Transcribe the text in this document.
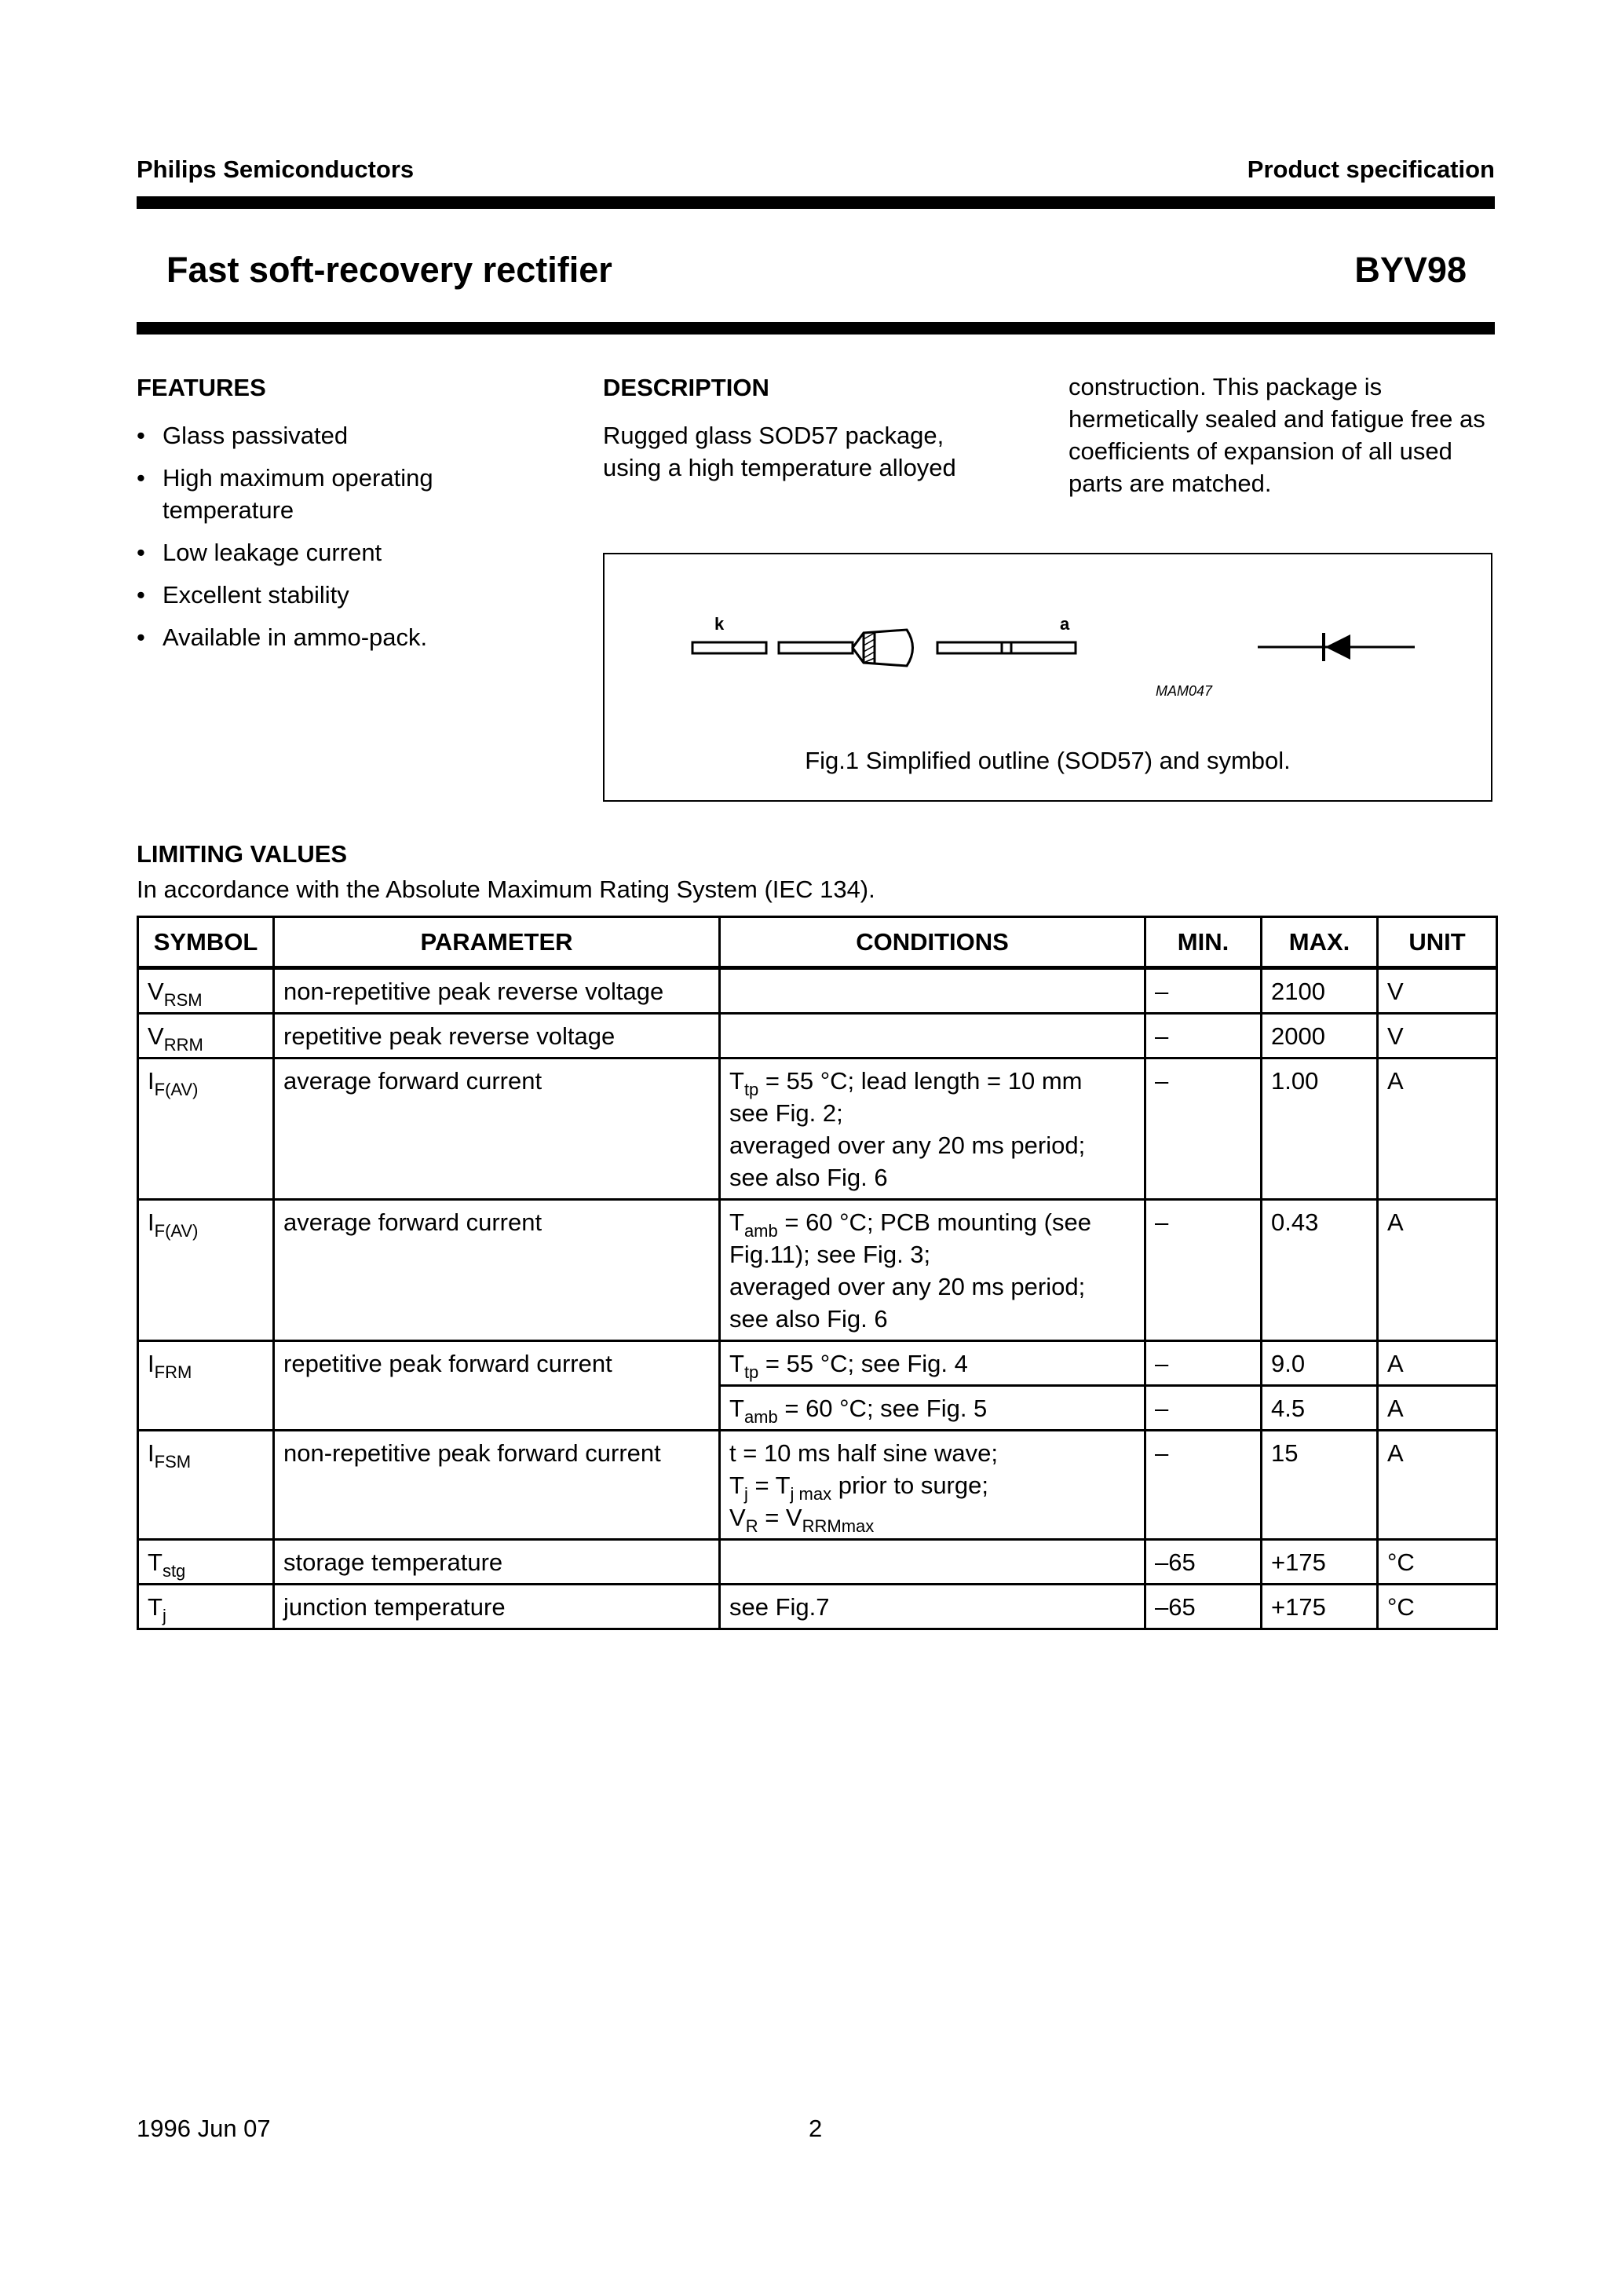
Philips Semiconductors	Product specification
Fast soft-recovery rectifier	BYV98
FEATURES
• Glass passivated
• High maximum operating temperature
• Low leakage current
• Excellent stability
• Available in ammo-pack.
DESCRIPTION
Rugged glass SOD57 package, using a high temperature alloyed
construction. This package is hermetically sealed and fatigue free as coefficients of expansion of all used parts are matched.
k	a
MAM047
Fig.1 Simplified outline (SOD57) and symbol.
LIMITING VALUES
In accordance with the Absolute Maximum Rating System (IEC 134).
SYMBOL	PARAMETER	CONDITIONS	MIN.	MAX.	UNIT
$V_{RSM}$	non-repetitive peak reverse voltage		–	2100	V
$V_{RRM}$	repetitive peak reverse voltage		–	2000	V
$I_{F(AV)}$	average forward current	$T_{tp} = 55$ °C; lead length = 10 mm
see Fig. 2;
averaged over any 20 ms period;
see also Fig. 6	–	1.00	A
$I_{F(AV)}$	average forward current	$T_{amb} = 60$ °C; PCB mounting (see
Fig.11); see Fig. 3;
averaged over any 20 ms period;
see also Fig. 6	–	0.43	A
$I_{FRM}$	repetitive peak forward current	$T_{tp} = 55$ °C; see Fig. 4	–	9.0	A

		$T_{amb} = 60$ °C; see Fig. 5	–	4.5	A
$I_{FSM}$	non-repetitive peak forward current	t = 10 ms half sine wave;
$T_j = T_{j max}$ prior to surge;
$V_R = V_{RRMmax}$	–	15	A
$T_{stg}$	storage temperature		–65	+175	°C
$T_j$	junction temperature	see Fig.7	–65	+175	°C
1996 Jun 07	2
